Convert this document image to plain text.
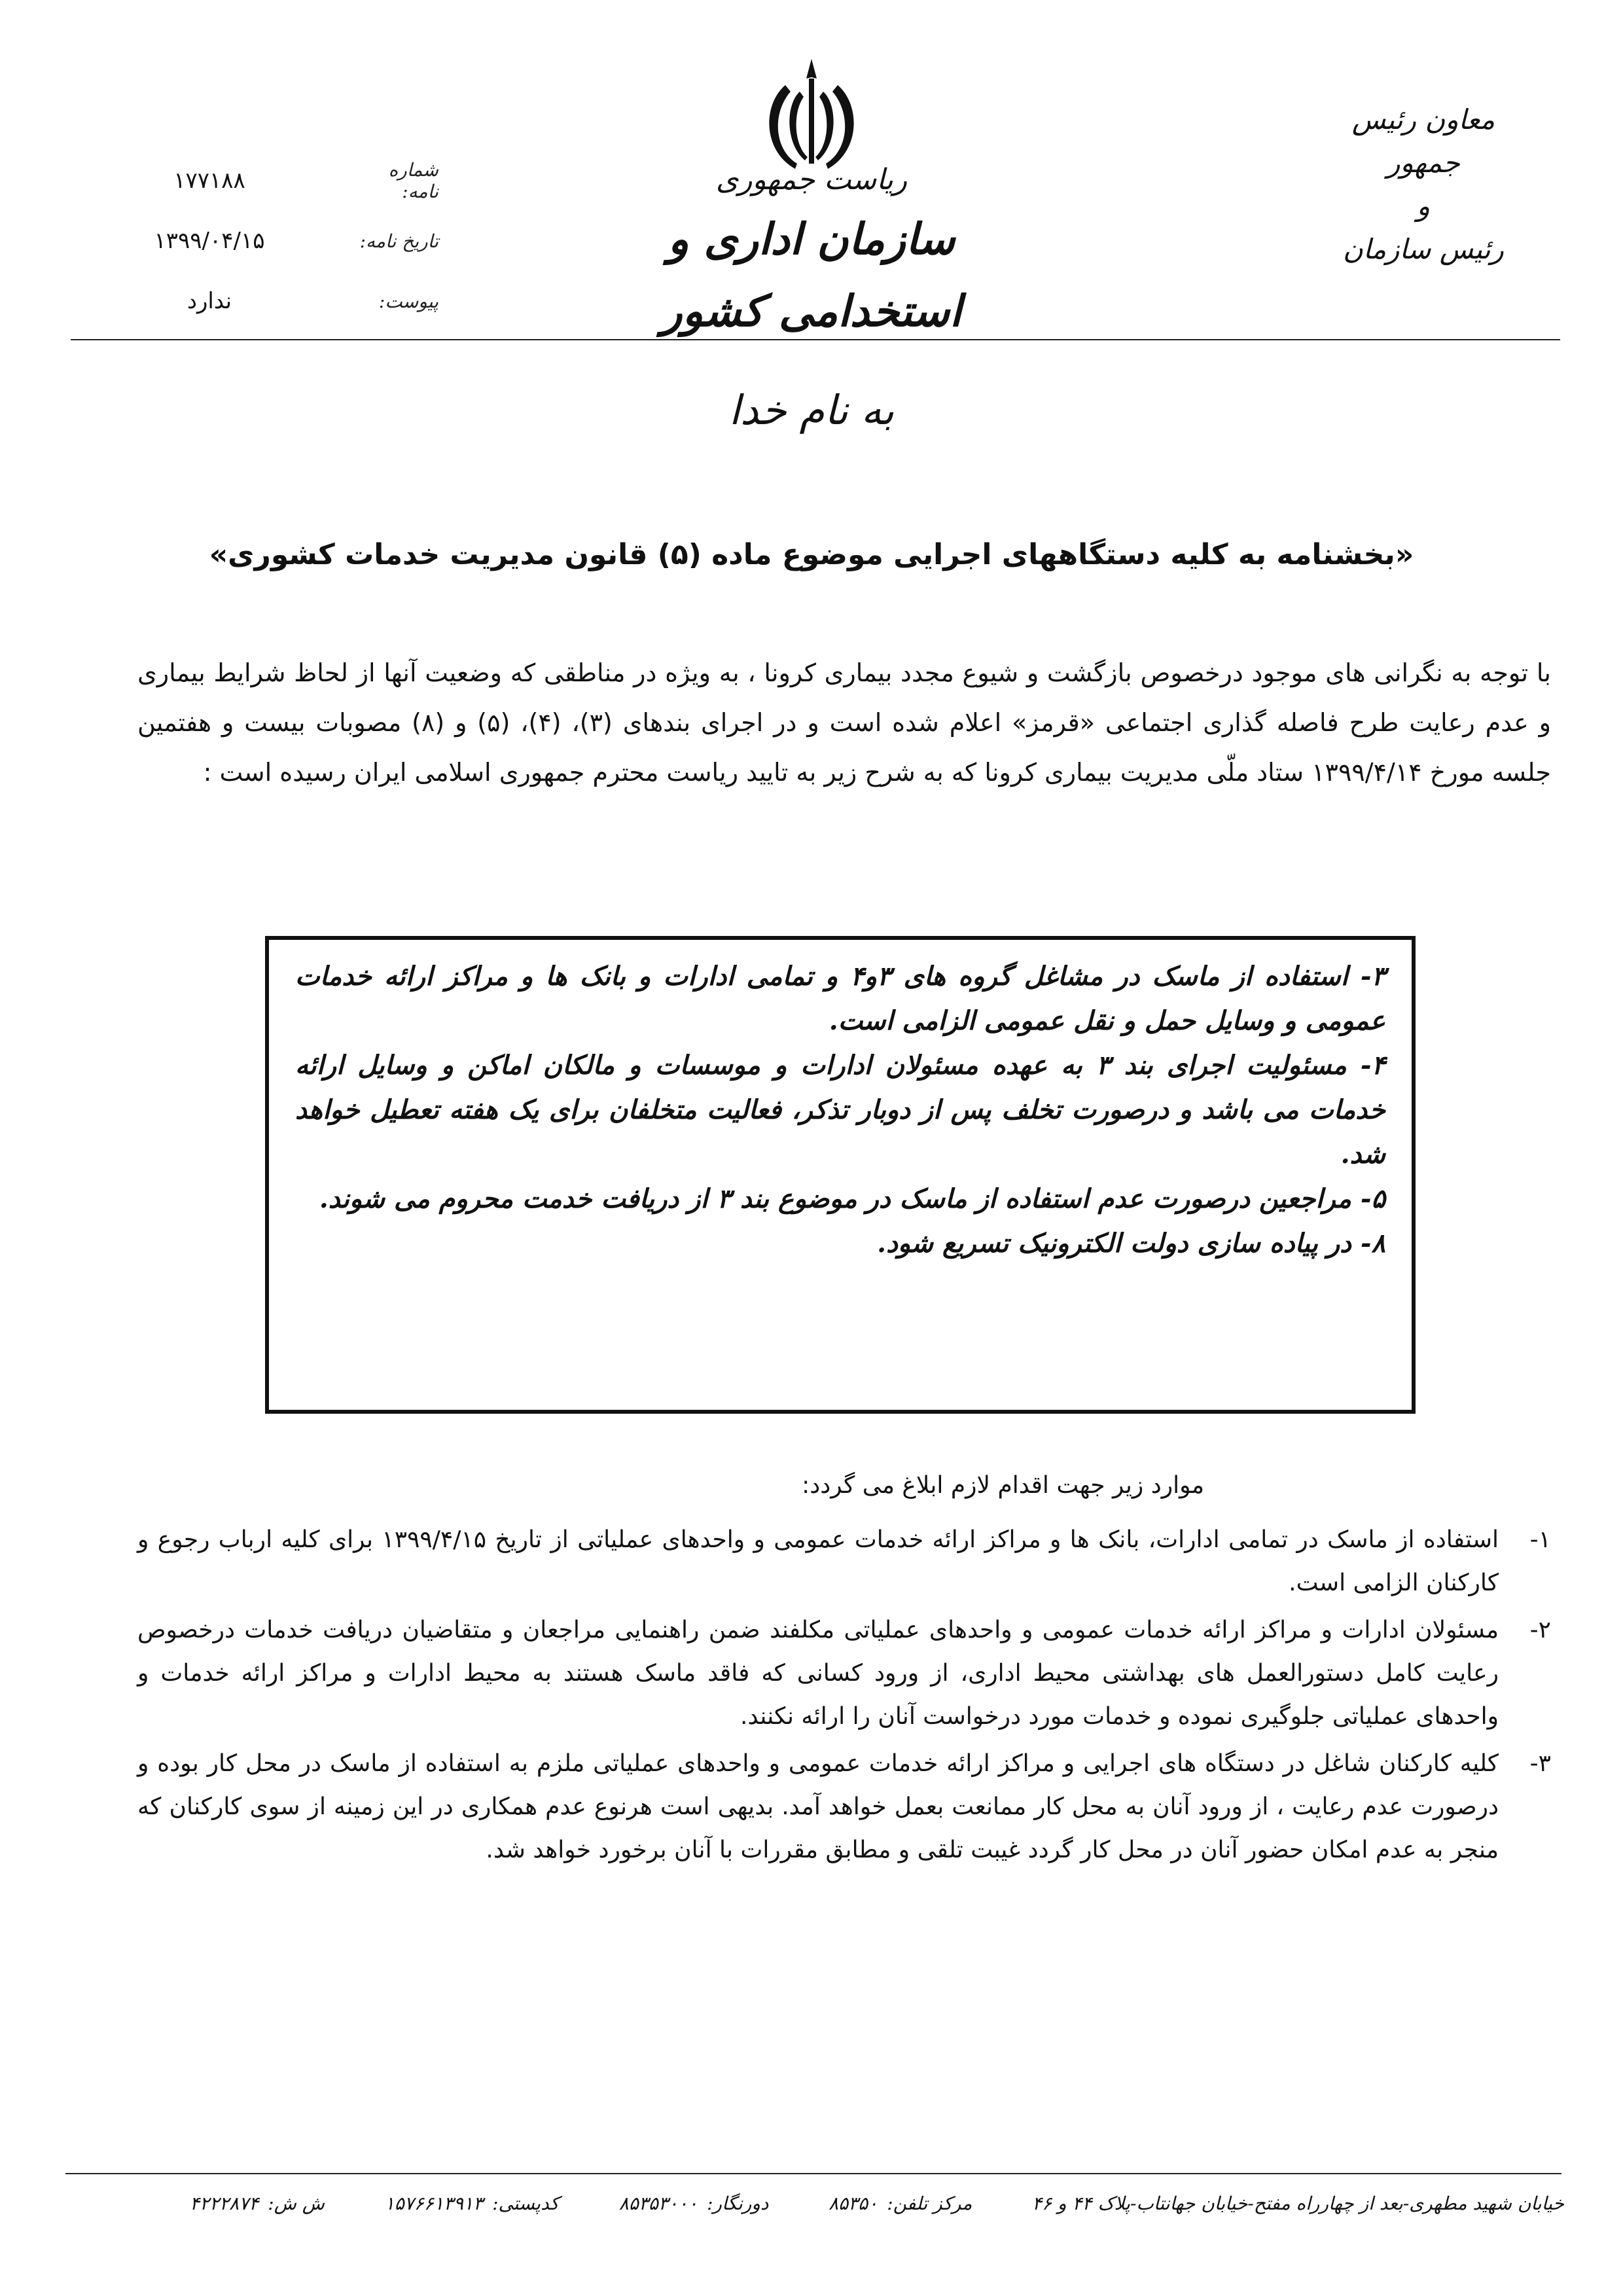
معاون رئیس جمهور
و
رئیس سازمان
ریاست جمهوری
سازمان اداری و استخدامی کشور
شماره نامه:
۱۷۷۱۸۸
تاریخ نامه:
۱۳۹۹/۰۴/۱۵
پیوست:
ندارد
به نام خدا
«بخشنامه به کلیه دستگاههای اجرایی موضوع ماده (۵) قانون مدیریت خدمات کشوری»
با توجه به نگرانی های موجود درخصوص بازگشت و شیوع مجدد بیماری کرونا ، به ویژه در مناطقی که وضعیت آنها از لحاظ شرایط بیماری و عدم رعایت طرح فاصله گذاری اجتماعی «قرمز» اعلام شده است و در اجرای بندهای (۳)، (۴)، (۵) و (۸) مصوبات بیست و هفتمین جلسه مورخ ۱۳۹۹/۴/۱۴ ستاد ملّی مدیریت بیماری کرونا که به شرح زیر به تایید ریاست محترم جمهوری اسلامی ایران رسیده است :

۳- استفاده از ماسک در مشاغل گروه های ۳و۴ و تمامی ادارات و بانک ها و مراکز ارائه خدمات عمومی و وسایل حمل و نقل عمومی الزامی است.

۴- مسئولیت اجرای بند ۳ به عهده مسئولان ادارات و موسسات و مالکان اماکن و وسایل ارائه خدمات می باشد و درصورت تخلف پس از دوبار تذکر، فعالیت متخلفان برای یک هفته تعطیل خواهد شد.

۵- مراجعین درصورت عدم استفاده از ماسک در موضوع بند ۳ از دریافت خدمت محروم می شوند.

۸- در پیاده سازی دولت الکترونیک تسریع شود.

موارد زیر جهت اقدام لازم ابلاغ می گردد:
۱-
استفاده از ماسک در تمامی ادارات، بانک ها و مراکز ارائه خدمات عمومی و واحدهای عملیاتی از تاریخ ۱۳۹۹/۴/۱۵ برای کلیه ارباب رجوع و کارکنان الزامی است.
۲-
مسئولان ادارات و مراکز ارائه خدمات عمومی و واحدهای عملیاتی مکلفند ضمن راهنمایی مراجعان و متقاضیان دریافت خدمات درخصوص رعایت کامل دستورالعمل های بهداشتی محیط اداری، از ورود کسانی که فاقد ماسک هستند به محیط ادارات و مراکز ارائه خدمات و واحدهای عملیاتی جلوگیری نموده و خدمات مورد درخواست آنان را ارائه نکنند.
۳-
کلیه کارکنان شاغل در دستگاه های اجرایی و مراکز ارائه خدمات عمومی و واحدهای عملیاتی ملزم به استفاده از ماسک در محل کار بوده و درصورت عدم رعایت ، از ورود آنان به محل کار ممانعت بعمل خواهد آمد. بدیهی است هرنوع عدم همکاری در این زمینه از سوی کارکنان که منجر به عدم امکان حضور آنان در محل کار گردد غیبت تلقی و مطابق مقررات با آنان برخورد خواهد شد.
خیابان شهید مطهری-بعد از چهارراه مفتح-خیابان جهانتاب-پلاک ۴۴ و ۴۶
مرکز تلفن:۸۵۳۵۰
دورنگار:۸۵۳۵۳۰۰۰
کدپستی:۱۵۷۶۶۱۳۹۱۳
ش ش:۴۲۲۲۸۷۴
